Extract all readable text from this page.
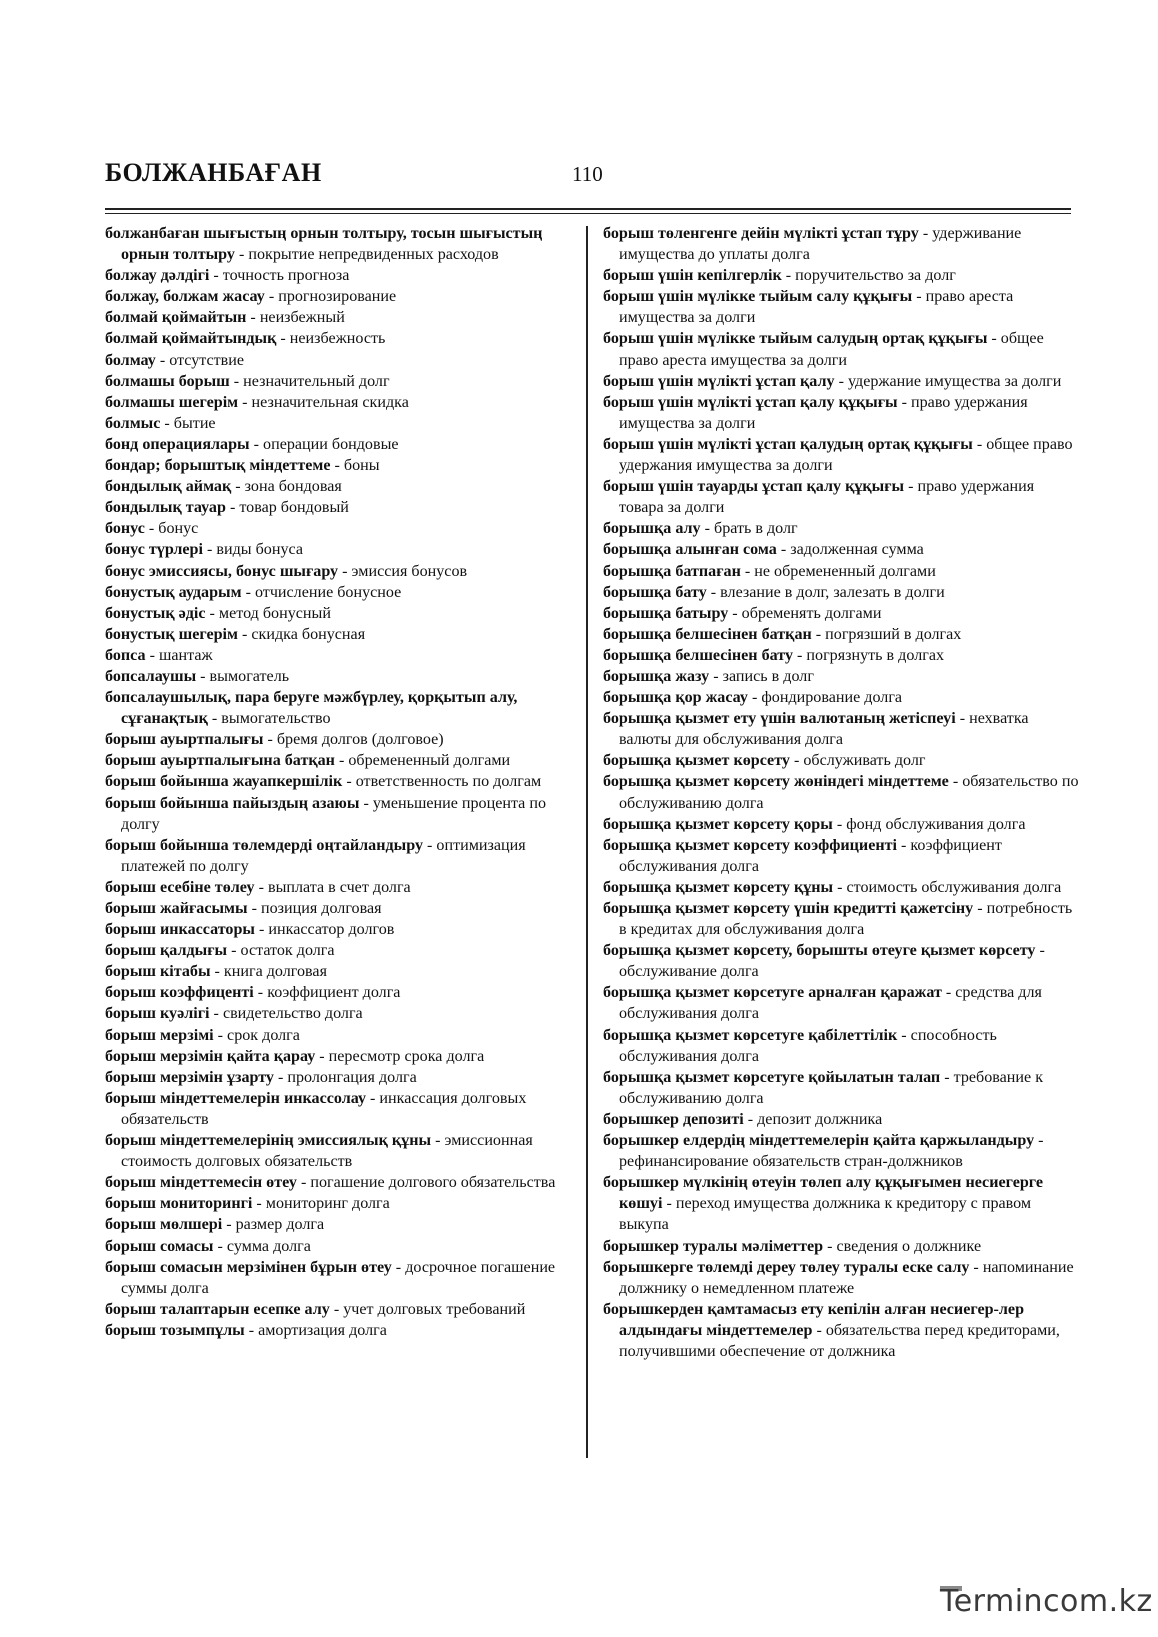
БОЛЖАНБАҒАН	110
болжанбаған шығыстың орнын толтыру, тосын шығыстың орнын толтыру - покрытие непредвиденных расходов
болжау дәлдігі - точность прогноза
болжау, болжам жасау - прогнозирование
болмай қоймайтын - неизбежный
болмай қоймайтындық - неизбежность
болмау - отсутствие
болмашы борыш - незначительный долг
болмашы шегерім - незначительная скидка
болмыс - бытие
бонд операциялары - операции бондовые
бондар; борыштық міндеттеме - боны
бондылық аймақ - зона бондовая
бондылық тауар - товар бондовый
бонус - бонус
бонус түрлері - виды бонуса
бонус эмиссиясы, бонус шығару - эмиссия бонусов
бонустық аударым - отчисление бонусное
бонустық әдіс - метод бонусный
бонустық шегерім - скидка бонусная
бопса - шантаж
бопсалаушы - вымогатель
бопсалаушылық, пара беруге мәжбүрлеу, қорқытып алу, сұғанақтық - вымогательство
борыш ауыртпалығы - бремя долгов (долговое)
борыш ауыртпалығына батқан - обремененный долгами
борыш бойынша жауапкершілік - ответственность по долгам
борыш бойынша пайыздың азаюы - уменьшение процента по долгу
борыш бойынша төлемдерді оңтайландыру - оптимизация платежей по долгу
борыш есебіне төлеу - выплата в счет долга
борыш жайғасымы - позиция долговая
борыш инкассаторы - инкассатор долгов
борыш қалдығы - остаток долга
борыш кітабы - книга долговая
борыш коэффиценті - коэффициент долга
борыш куәлігі - свидетельство долга
борыш мерзімі - срок долга
борыш мерзімін қайта қарау - пересмотр срока долга
борыш мерзімін ұзарту - пролонгация долга
борыш міндеттемелерін инкассолау - инкассация долговых обязательств
борыш міндеттемелерінің эмиссиялық құны - эмиссионная стоимость долговых обязательств
борыш міндеттемесін өтеу - погашение долгового обязательства
борыш мониторингі - мониторинг долга
борыш мөлшері - размер долга
борыш сомасы - сумма долга
борыш сомасын мерзімінен бұрын өтеу - досрочное погашение суммы долга
борыш талаптарын есепке алу - учет долговых требований
борыш тозымпұлы - амортизация долга
борыш төленгенге дейін мүлікті ұстап тұру - удерживание имущества до уплаты долга
борыш үшін кепілгерлік - поручительство за долг
борыш үшін мүлікке тыйым салу құқығы - право ареста имущества за долги
борыш үшін мүлікке тыйым салудың ортақ құқығы - общее право ареста имущества за долги
борыш үшін мүлікті ұстап қалу - удержание имущества за долги
борыш үшін мүлікті ұстап қалу құқығы - право удержания имущества за долги
борыш үшін мүлікті ұстап қалудың ортақ құқығы - общее право удержания имущества за долги
борыш үшін тауарды ұстап қалу құқығы - право удержания товара за долги
борышқа алу - брать в долг
борышқа алынған сома - задолженная сумма
борышқа батпаған - не обремененный долгами
борышқа бату - влезание в долг, залезать в долги
борышқа батыру - обременять долгами
борышқа белшесінен батқан - погрязший в долгах
борышқа белшесінен бату - погрязнуть в долгах
борышқа жазу - запись в долг
борышқа қор жасау - фондирование долга
борышқа қызмет ету үшін валютаның жетіспеуі - нехватка валюты для обслуживания долга
борышқа қызмет көрсету - обслуживать долг
борышқа қызмет көрсету жөніндегі міндеттеме - обязательство по обслуживанию долга
борышқа қызмет көрсету қоры - фонд обслуживания долга
борышқа қызмет көрсету коэффициенті - коэффициент обслуживания долга
борышқа қызмет көрсету құны - стоимость обслуживания долга
борышқа қызмет көрсету үшін кредитті қажетсіну - потребность в кредитах для обслуживания долга
борышқа қызмет көрсету, борышты өтеуге қызмет көрсету - обслуживание долга
борышқа қызмет көрсетуге арналған қаражат - средства для обслуживания долга
борышқа қызмет көрсетуге қабілеттілік - способность обслуживания долга
борышқа қызмет көрсетуге қойылатын талап - требование к обслуживанию долга
борышкер депозиті - депозит должника
борышкер елдердің міндеттемелерін қайта қаржыландыру - рефинансирование обязательств стран-должников
борышкер мүлкінің өтеуін төлеп алу құқығымен несиегерге көшуі - переход имущества должника к кредитору с правом выкупа
борышкер туралы мәліметтер - сведения о должнике
борышкерге төлемді дереу төлеу туралы еске салу - напоминание должнику о немедленном платеже
борышкерден қамтамасыз ету кепілін алған несиегер-лер алдындағы міндеттемелер - обязательства перед кредиторами, получившими обеспечение от должника
Termincom.kz
